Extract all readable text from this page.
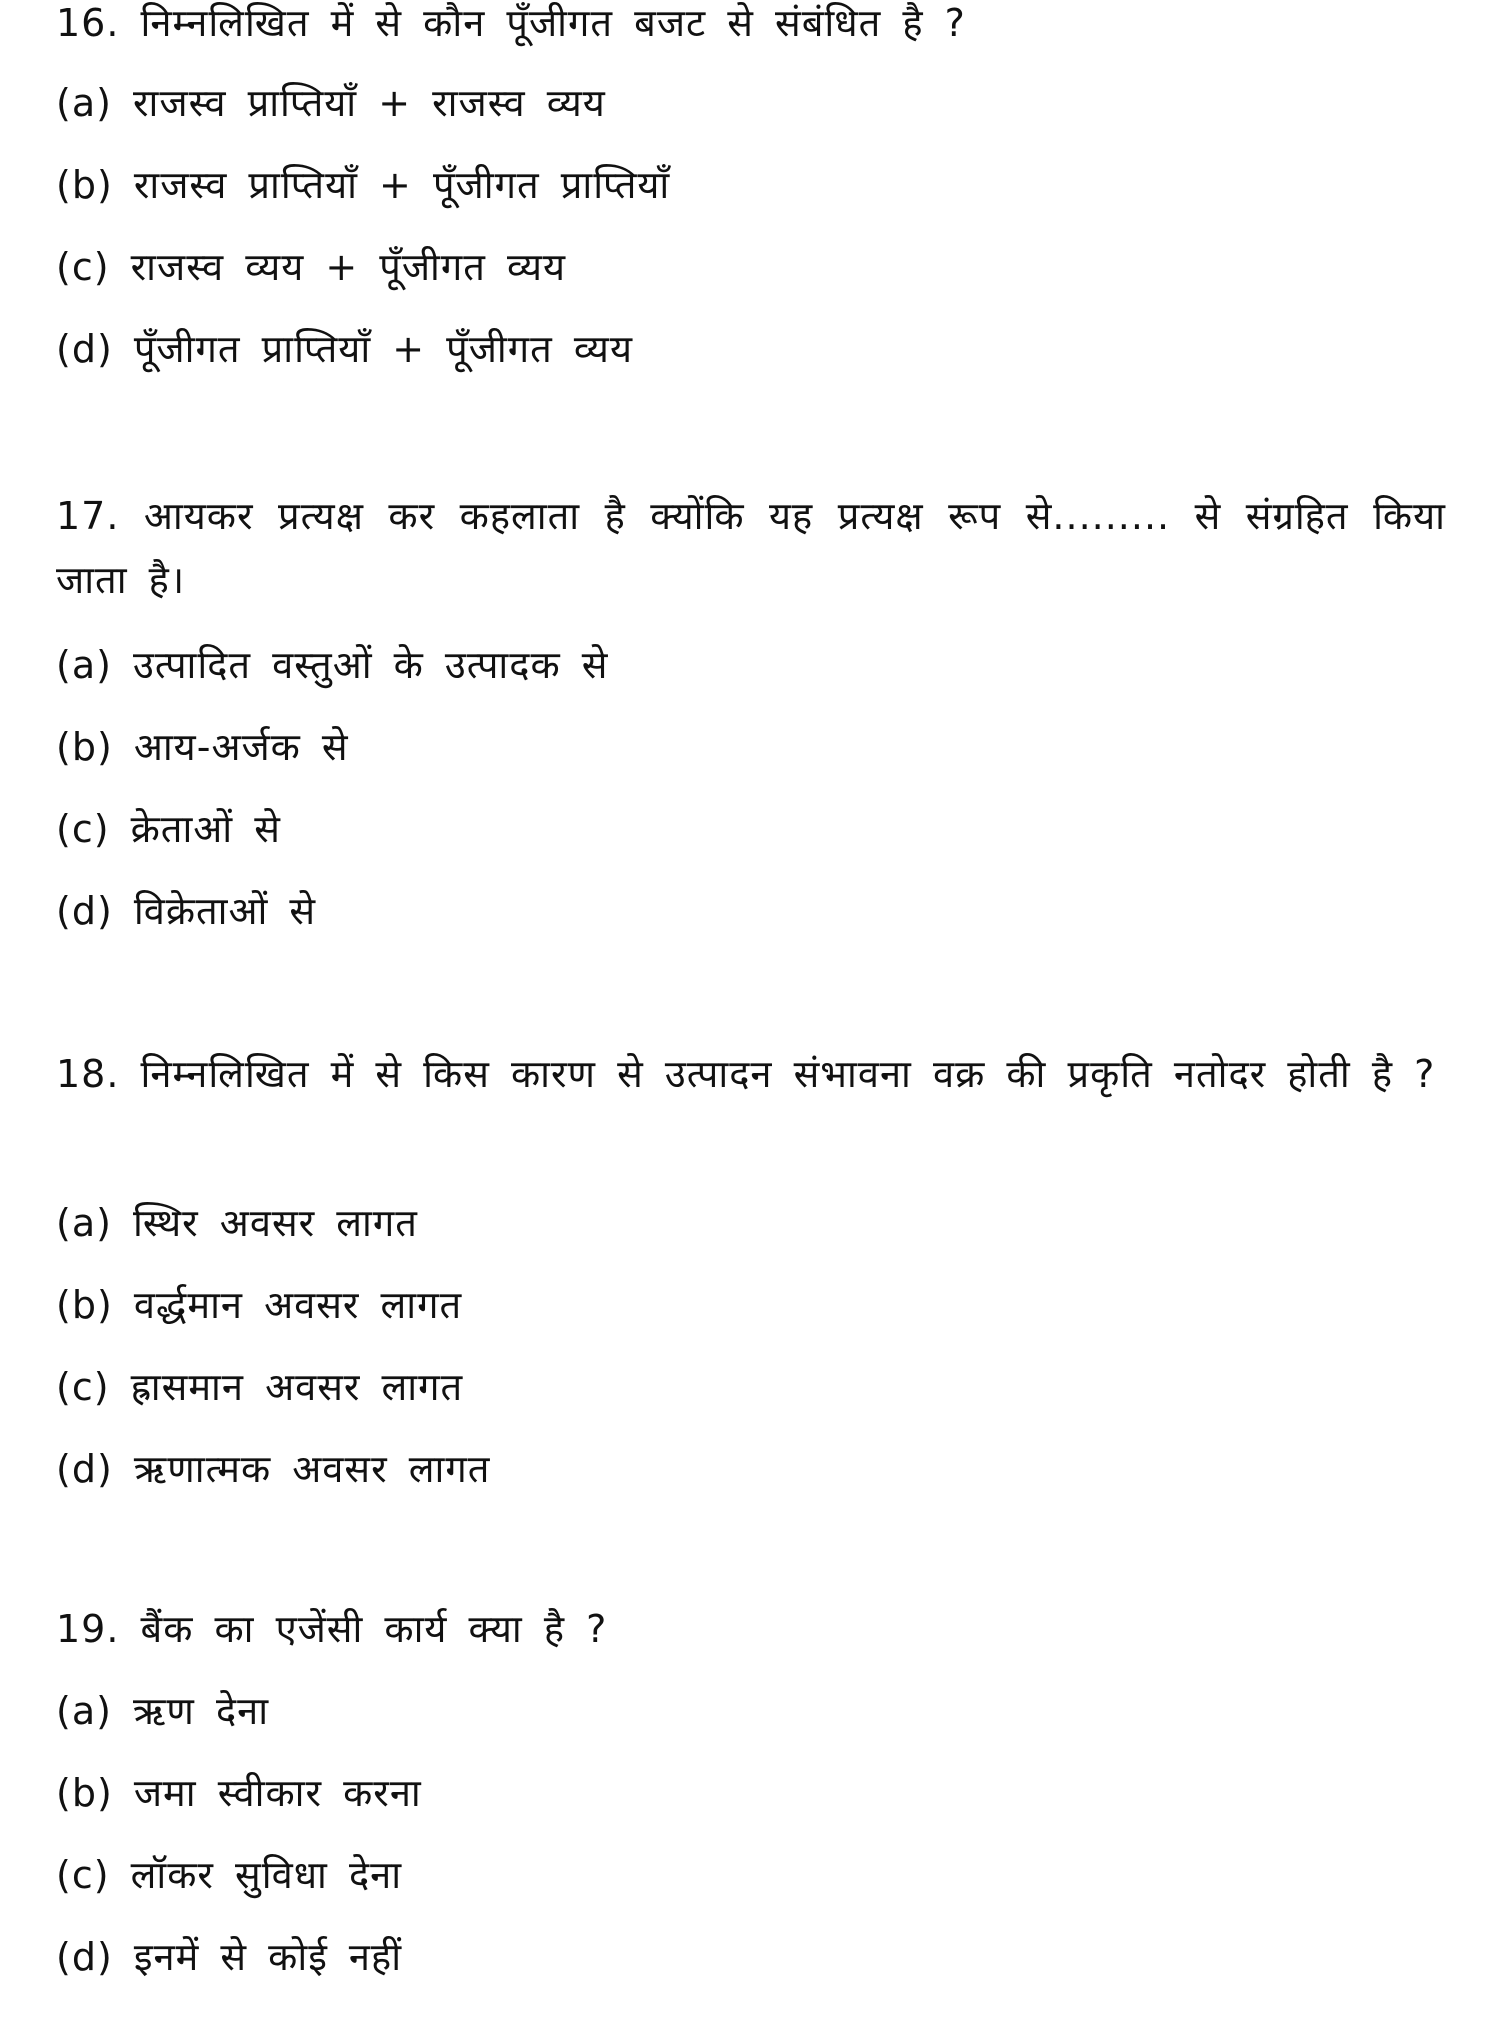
16. निम्नलिखित में से कौन पूँजीगत बजट से संबंधित है ?

(a) राजस्व प्राप्तियाँ + राजस्व व्यय

(b) राजस्व प्राप्तियाँ + पूँजीगत प्राप्तियाँ

(c) राजस्व व्यय + पूँजीगत व्यय

(d) पूँजीगत प्राप्तियाँ + पूँजीगत व्यय

17. आयकर प्रत्यक्ष कर कहलाता है क्योंकि यह प्रत्यक्ष रूप से......... से संग्रहित किया जाता है।

(a) उत्पादित वस्तुओं के उत्पादक से

(b) आय-अर्जक से

(c) क्रेताओं से

(d) विक्रेताओं से

18. निम्नलिखित में से किस कारण से उत्पादन संभावना वक्र की प्रकृति नतोदर होती है ?

(a) स्थिर अवसर लागत

(b) वर्द्धमान अवसर लागत

(c) ह्रासमान अवसर लागत

(d) ऋणात्मक अवसर लागत

19. बैंक का एजेंसी कार्य क्या है ?

(a) ऋण देना

(b) जमा स्वीकार करना

(c) लॉकर सुविधा देना

(d) इनमें से कोई नहीं
